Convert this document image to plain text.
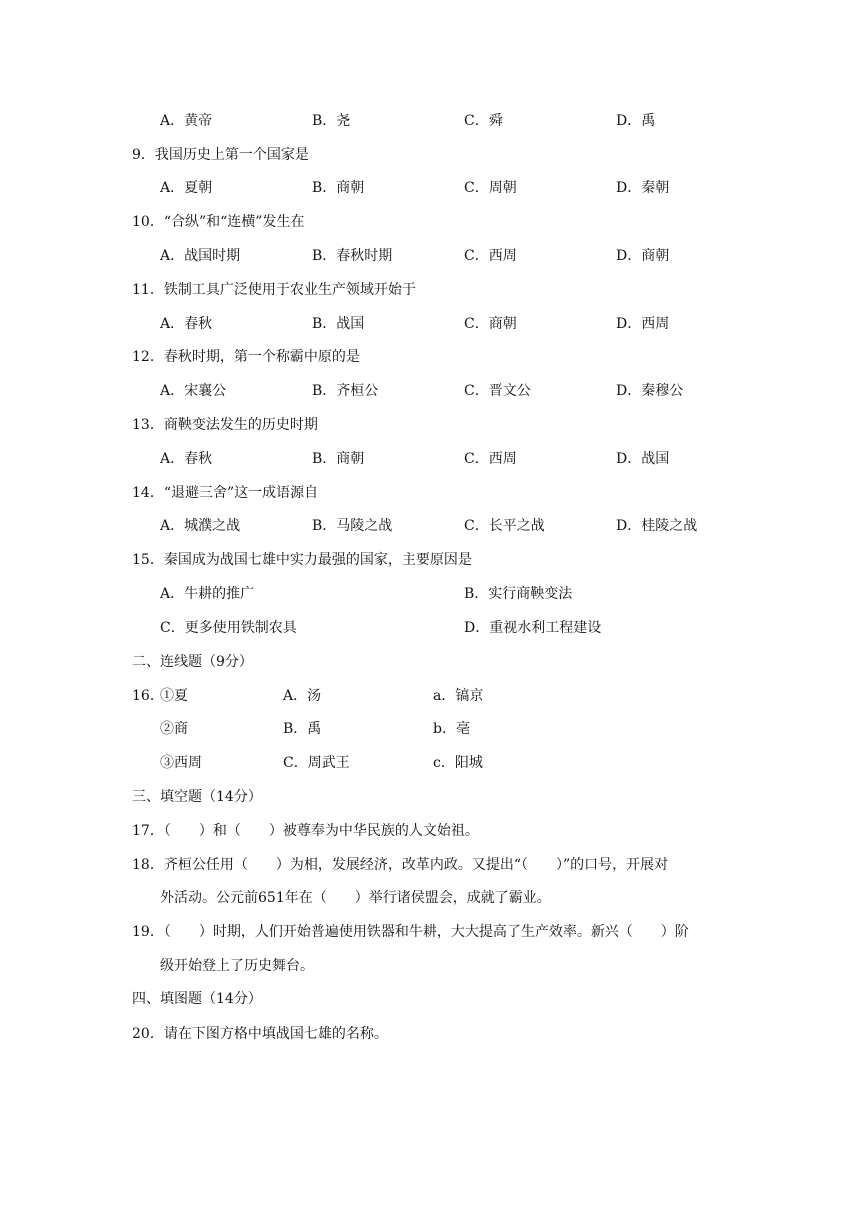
A．黄帝	B．尧	C．舜	D．禹
9．我国历史上第一个国家是
A．夏朝	B．商朝	C．周朝	D．秦朝
10．“合纵”和“连横”发生在
A．战国时期	B．春秋时期	C．西周	D．商朝
11．铁制工具广泛使用于农业生产领域开始于
A．春秋	B．战国	C．商朝	D．西周
12．春秋时期，第一个称霸中原的是
A．宋襄公	B．齐桓公	C．晋文公	D．秦穆公
13．商鞅变法发生的历史时期
A．春秋	B．商朝	C．西周	D．战国
14．“退避三舍”这一成语源自
A．城濮之战	B．马陵之战	C．长平之战	D．桂陵之战
15．秦国成为战国七雄中实力最强的国家，主要原因是
A．牛耕的推广	B．实行商鞅变法
C．更多使用铁制农具	D．重视水利工程建设
二、连线题（9分）
16．
①夏	A．汤	a．镐京
②商	B．禹	b．亳
③西周	C．周武王	c．阳城
三、填空题（14分）
17．（　　）和（　　）被尊奉为中华民族的人文始祖。
18．齐桓公任用（　　）为相，发展经济，改革内政。又提出“（　　）”的口号，开展对
外活动。公元前651年在（　　）举行诸侯盟会，成就了霸业。
19．（　　）时期，人们开始普遍使用铁器和牛耕，大大提高了生产效率。新兴（　　）阶
级开始登上了历史舞台。
四、填图题（14分）
20．请在下图方格中填战国七雄的名称。
